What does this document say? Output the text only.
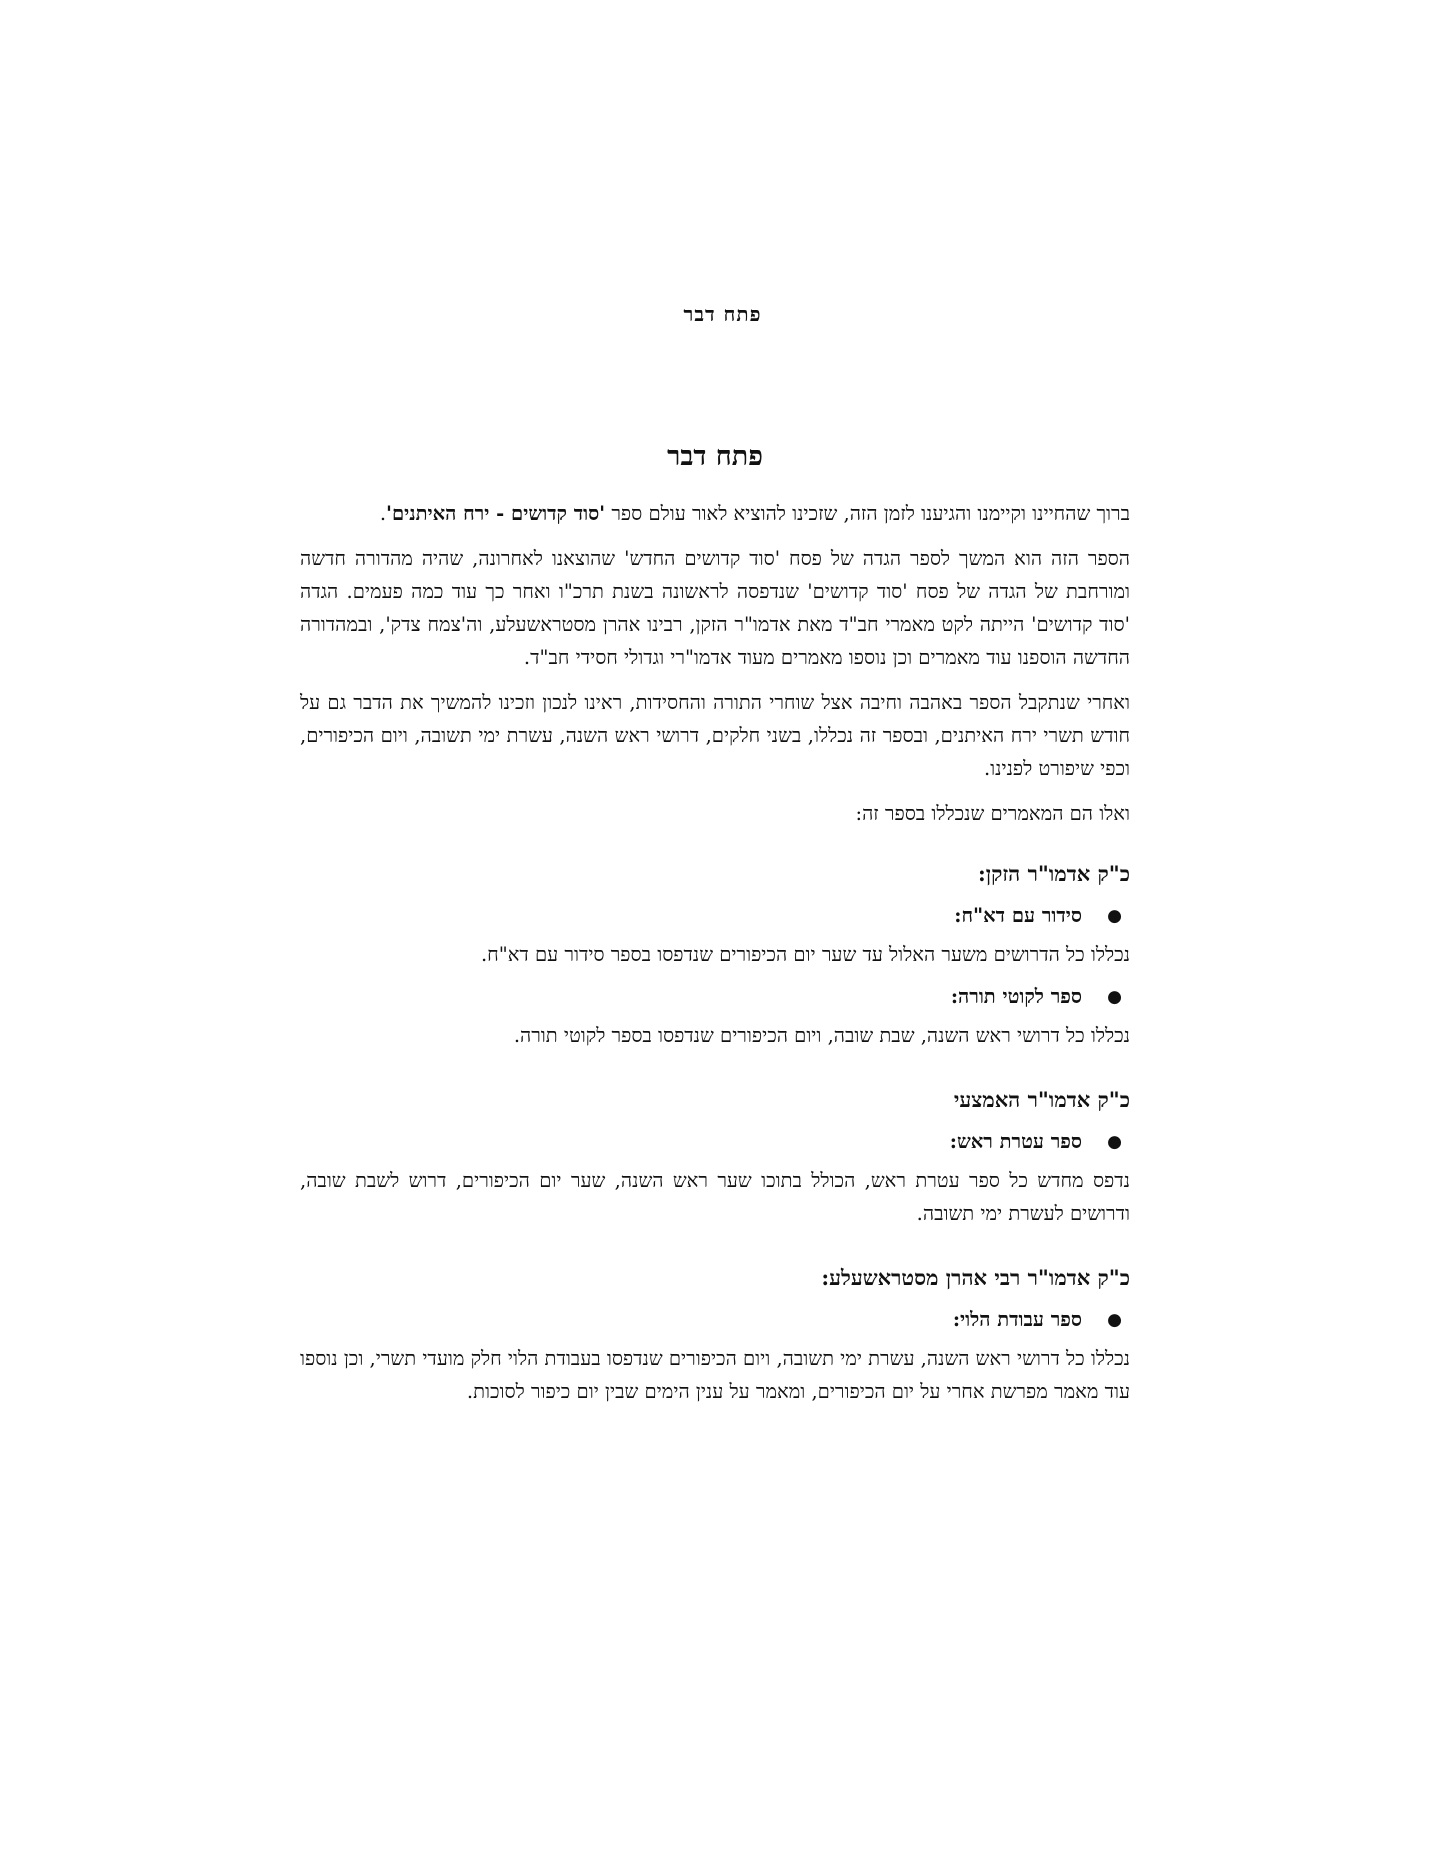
פתח דבר
פתח דבר

ברוך שהחיינו וקיימנו והגיענו לזמן הזה, שזכינו להוציא לאור עולם ספר 'סוד קדושים - ירח האיתנים'.

הספר הזה הוא המשך לספר הגדה של פסח 'סוד קדושים החדש' שהוצאנו לאחרונה, שהיה מהדורה חדשה ומורחבת של הגדה של פסח 'סוד קדושים' שנדפסה לראשונה בשנת תרכ"ו ואחר כך עוד כמה פעמים. הגדה 'סוד קדושים' הייתה לקט מאמרי חב"ד מאת אדמו"ר הזקן, רבינו אהרן מסטראשעלע, וה'צמח צדק', ובמהדורה החדשה הוספנו עוד מאמרים וכן נוספו מאמרים מעוד אדמו"רי וגדולי חסידי חב"ד.

ואחרי שנתקבל הספר באהבה וחיבה אצל שוחרי התורה והחסידות, ראינו לנכון וזכינו להמשיך את הדבר גם על חודש תשרי ירח האיתנים, ובספר זה נכללו, בשני חלקים, דרושי ראש השנה, עשרת ימי תשובה, ויום הכיפורים, וכפי שיפורט לפנינו.

ואלו הם המאמרים שנכללו בספר זה:

כ"ק אדמו"ר הזקן:
●
סידור עם דא"ח:

נכללו כל הדרושים משער האלול עד שער יום הכיפורים שנדפסו בספר סידור עם דא"ח.

●
ספר לקוטי תורה:

נכללו כל דרושי ראש השנה, שבת שובה, ויום הכיפורים שנדפסו בספר לקוטי תורה.

כ"ק אדמו"ר האמצעי
●
ספר עטרת ראש:

נדפס מחדש כל ספר עטרת ראש, הכולל בתוכו שער ראש השנה, שער יום הכיפורים, דרוש לשבת שובה, ודרושים לעשרת ימי תשובה.

כ"ק אדמו"ר רבי אהרן מסטראשעלע:
●
ספר עבודת הלוי:

נכללו כל דרושי ראש השנה, עשרת ימי תשובה, ויום הכיפורים שנדפסו בעבודת הלוי חלק מועדי תשרי, וכן נוספו עוד מאמר מפרשת אחרי על יום הכיפורים, ומאמר על ענין הימים שבין יום כיפור לסוכות.
